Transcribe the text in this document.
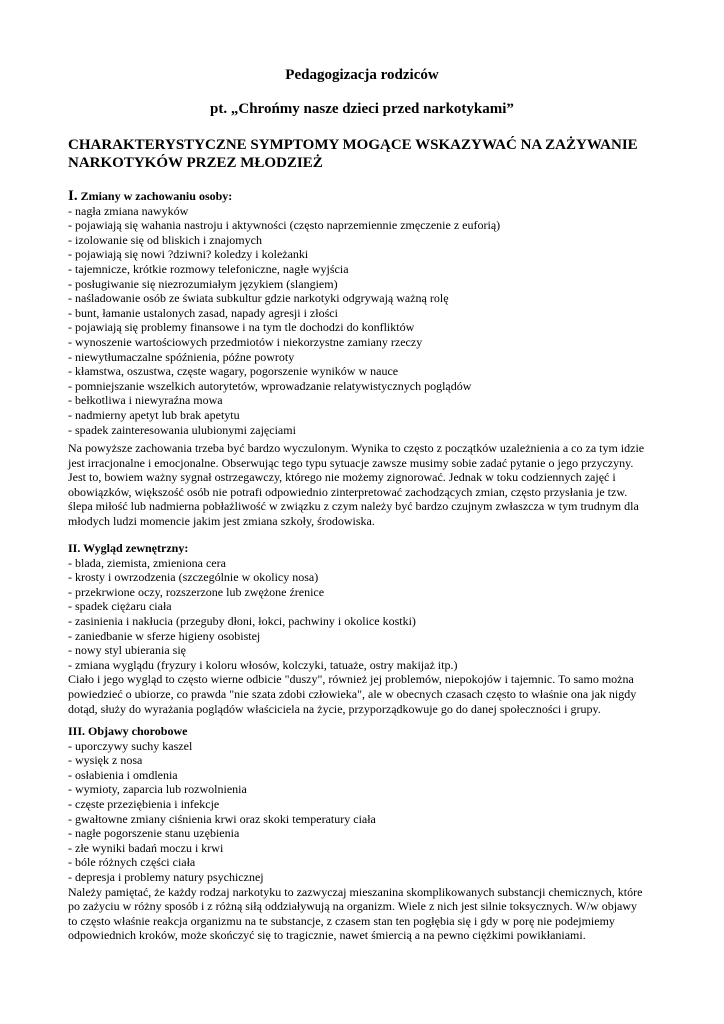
Pedagogizacja rodziców
pt. „Chrońmy nasze dzieci przed narkotykami”
CHARAKTERYSTYCZNE SYMPTOMY MOGĄCE WSKAZYWAĆ NA ZAŻYWANIE
NARKOTYKÓW PRZEZ MŁODZIEŻ
I. Zmiany w zachowaniu osoby:
- nagła zmiana nawyków
- pojawiają się wahania nastroju i aktywności (często naprzemiennie zmęczenie z euforią)
- izolowanie się od bliskich i znajomych
- pojawiają się nowi ?dziwni? koledzy i koleżanki
- tajemnicze, krótkie rozmowy telefoniczne, nagłe wyjścia
- posługiwanie się niezrozumiałym językiem (slangiem)
- naśladowanie osób ze świata subkultur gdzie narkotyki odgrywają ważną rolę
- bunt, łamanie ustalonych zasad, napady agresji i złości
- pojawiają się problemy finansowe i na tym tle dochodzi do konfliktów
- wynoszenie wartościowych przedmiotów i niekorzystne zamiany rzeczy
- niewytłumaczalne spóźnienia, późne powroty
- kłamstwa, oszustwa, częste wagary, pogorszenie wyników w nauce
- pomniejszanie wszelkich autorytetów, wprowadzanie relatywistycznych poglądów
- bełkotliwa i niewyraźna mowa
- nadmierny apetyt lub brak apetytu
- spadek zainteresowania ulubionymi zajęciami
Na powyższe zachowania trzeba być bardzo wyczulonym. Wynika to często z początków uzależnienia a co za tym idzie
jest irracjonalne i emocjonalne. Obserwując tego typu sytuacje zawsze musimy sobie zadać pytanie o jego przyczyny.
Jest to, bowiem ważny sygnał ostrzegawczy, którego nie możemy zignorować. Jednak w toku codziennych zajęć i
obowiązków, większość osób nie potrafi odpowiednio zinterpretować zachodzących zmian, często przysłania je tzw.
ślepa miłość lub nadmierna pobłażliwość w związku z czym należy być bardzo czujnym zwłaszcza w tym trudnym dla
młodych ludzi momencie jakim jest zmiana szkoły, środowiska.
II. Wygląd zewnętrzny:
- blada, ziemista, zmieniona cera
- krosty i owrzodzenia (szczególnie w okolicy nosa)
- przekrwione oczy, rozszerzone lub zwężone źrenice
- spadek ciężaru ciała
- zasinienia i nakłucia (przeguby dłoni, łokci, pachwiny i okolice kostki)
- zaniedbanie w sferze higieny osobistej
- nowy styl ubierania się
- zmiana wyglądu (fryzury i koloru włosów, kolczyki, tatuaże, ostry makijaż itp.)
Ciało i jego wygląd to często wierne odbicie "duszy", również jej problemów, niepokojów i tajemnic. To samo można
powiedzieć o ubiorze, co prawda "nie szata zdobi człowieka", ale w obecnych czasach często to właśnie ona jak nigdy
dotąd, służy do wyrażania poglądów właściciela na życie, przyporządkowuje go do danej społeczności i grupy.
III. Objawy chorobowe
- uporczywy suchy kaszel
- wysięk z nosa
- osłabienia i omdlenia
- wymioty, zaparcia lub rozwolnienia
- częste przeziębienia i infekcje
- gwałtowne zmiany ciśnienia krwi oraz skoki temperatury ciała
- nagłe pogorszenie stanu uzębienia
- złe wyniki badań moczu i krwi
- bóle różnych części ciała
- depresja i problemy natury psychicznej
Należy pamiętać, że każdy rodzaj narkotyku to zazwyczaj mieszanina skomplikowanych substancji chemicznych, które
po zażyciu w różny sposób i z różną siłą oddziaływują na organizm. Wiele z nich jest silnie toksycznych. W/w objawy
to często właśnie reakcja organizmu na te substancje, z czasem stan ten pogłębia się i gdy w porę nie podejmiemy
odpowiednich kroków, może skończyć się to tragicznie, nawet śmiercią a na pewno ciężkimi powikłaniami.
